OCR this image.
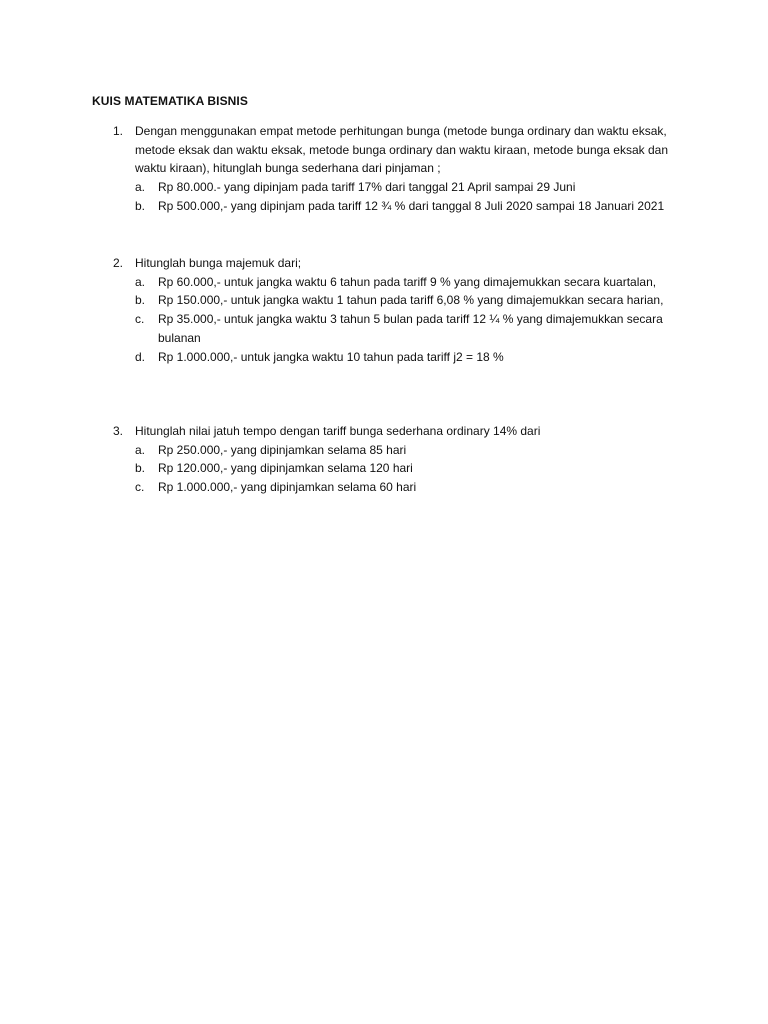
KUIS MATEMATIKA BISNIS
1. Dengan menggunakan empat metode perhitungan bunga (metode bunga ordinary dan waktu eksak, metode eksak dan waktu eksak, metode bunga ordinary dan waktu kiraan, metode bunga eksak dan waktu kiraan), hitunglah bunga sederhana dari pinjaman ;
a.	Rp 80.000.- yang dipinjam pada tariff 17% dari tanggal 21 April sampai 29 Juni
b.	Rp 500.000,- yang dipinjam pada tariff 12 ¾ % dari tanggal 8 Juli 2020 sampai 18 Januari 2021
2. Hitunglah bunga majemuk dari;
a.	Rp 60.000,- untuk jangka waktu 6 tahun pada tariff 9 % yang dimajemukkan secara kuartalan,
b.	Rp 150.000,- untuk jangka waktu 1 tahun pada tariff 6,08 % yang dimajemukkan secara harian,
c.	Rp 35.000,- untuk jangka waktu 3 tahun 5 bulan pada tariff 12 ¼ % yang dimajemukkan secara bulanan
d.	Rp 1.000.000,- untuk jangka waktu 10 tahun pada tariff j2 = 18 %
3. Hitunglah nilai jatuh tempo dengan tariff bunga sederhana ordinary 14% dari
a.	Rp 250.000,- yang dipinjamkan selama 85 hari
b.	Rp 120.000,- yang dipinjamkan selama 120 hari
c.	Rp 1.000.000,- yang dipinjamkan selama 60 hari
